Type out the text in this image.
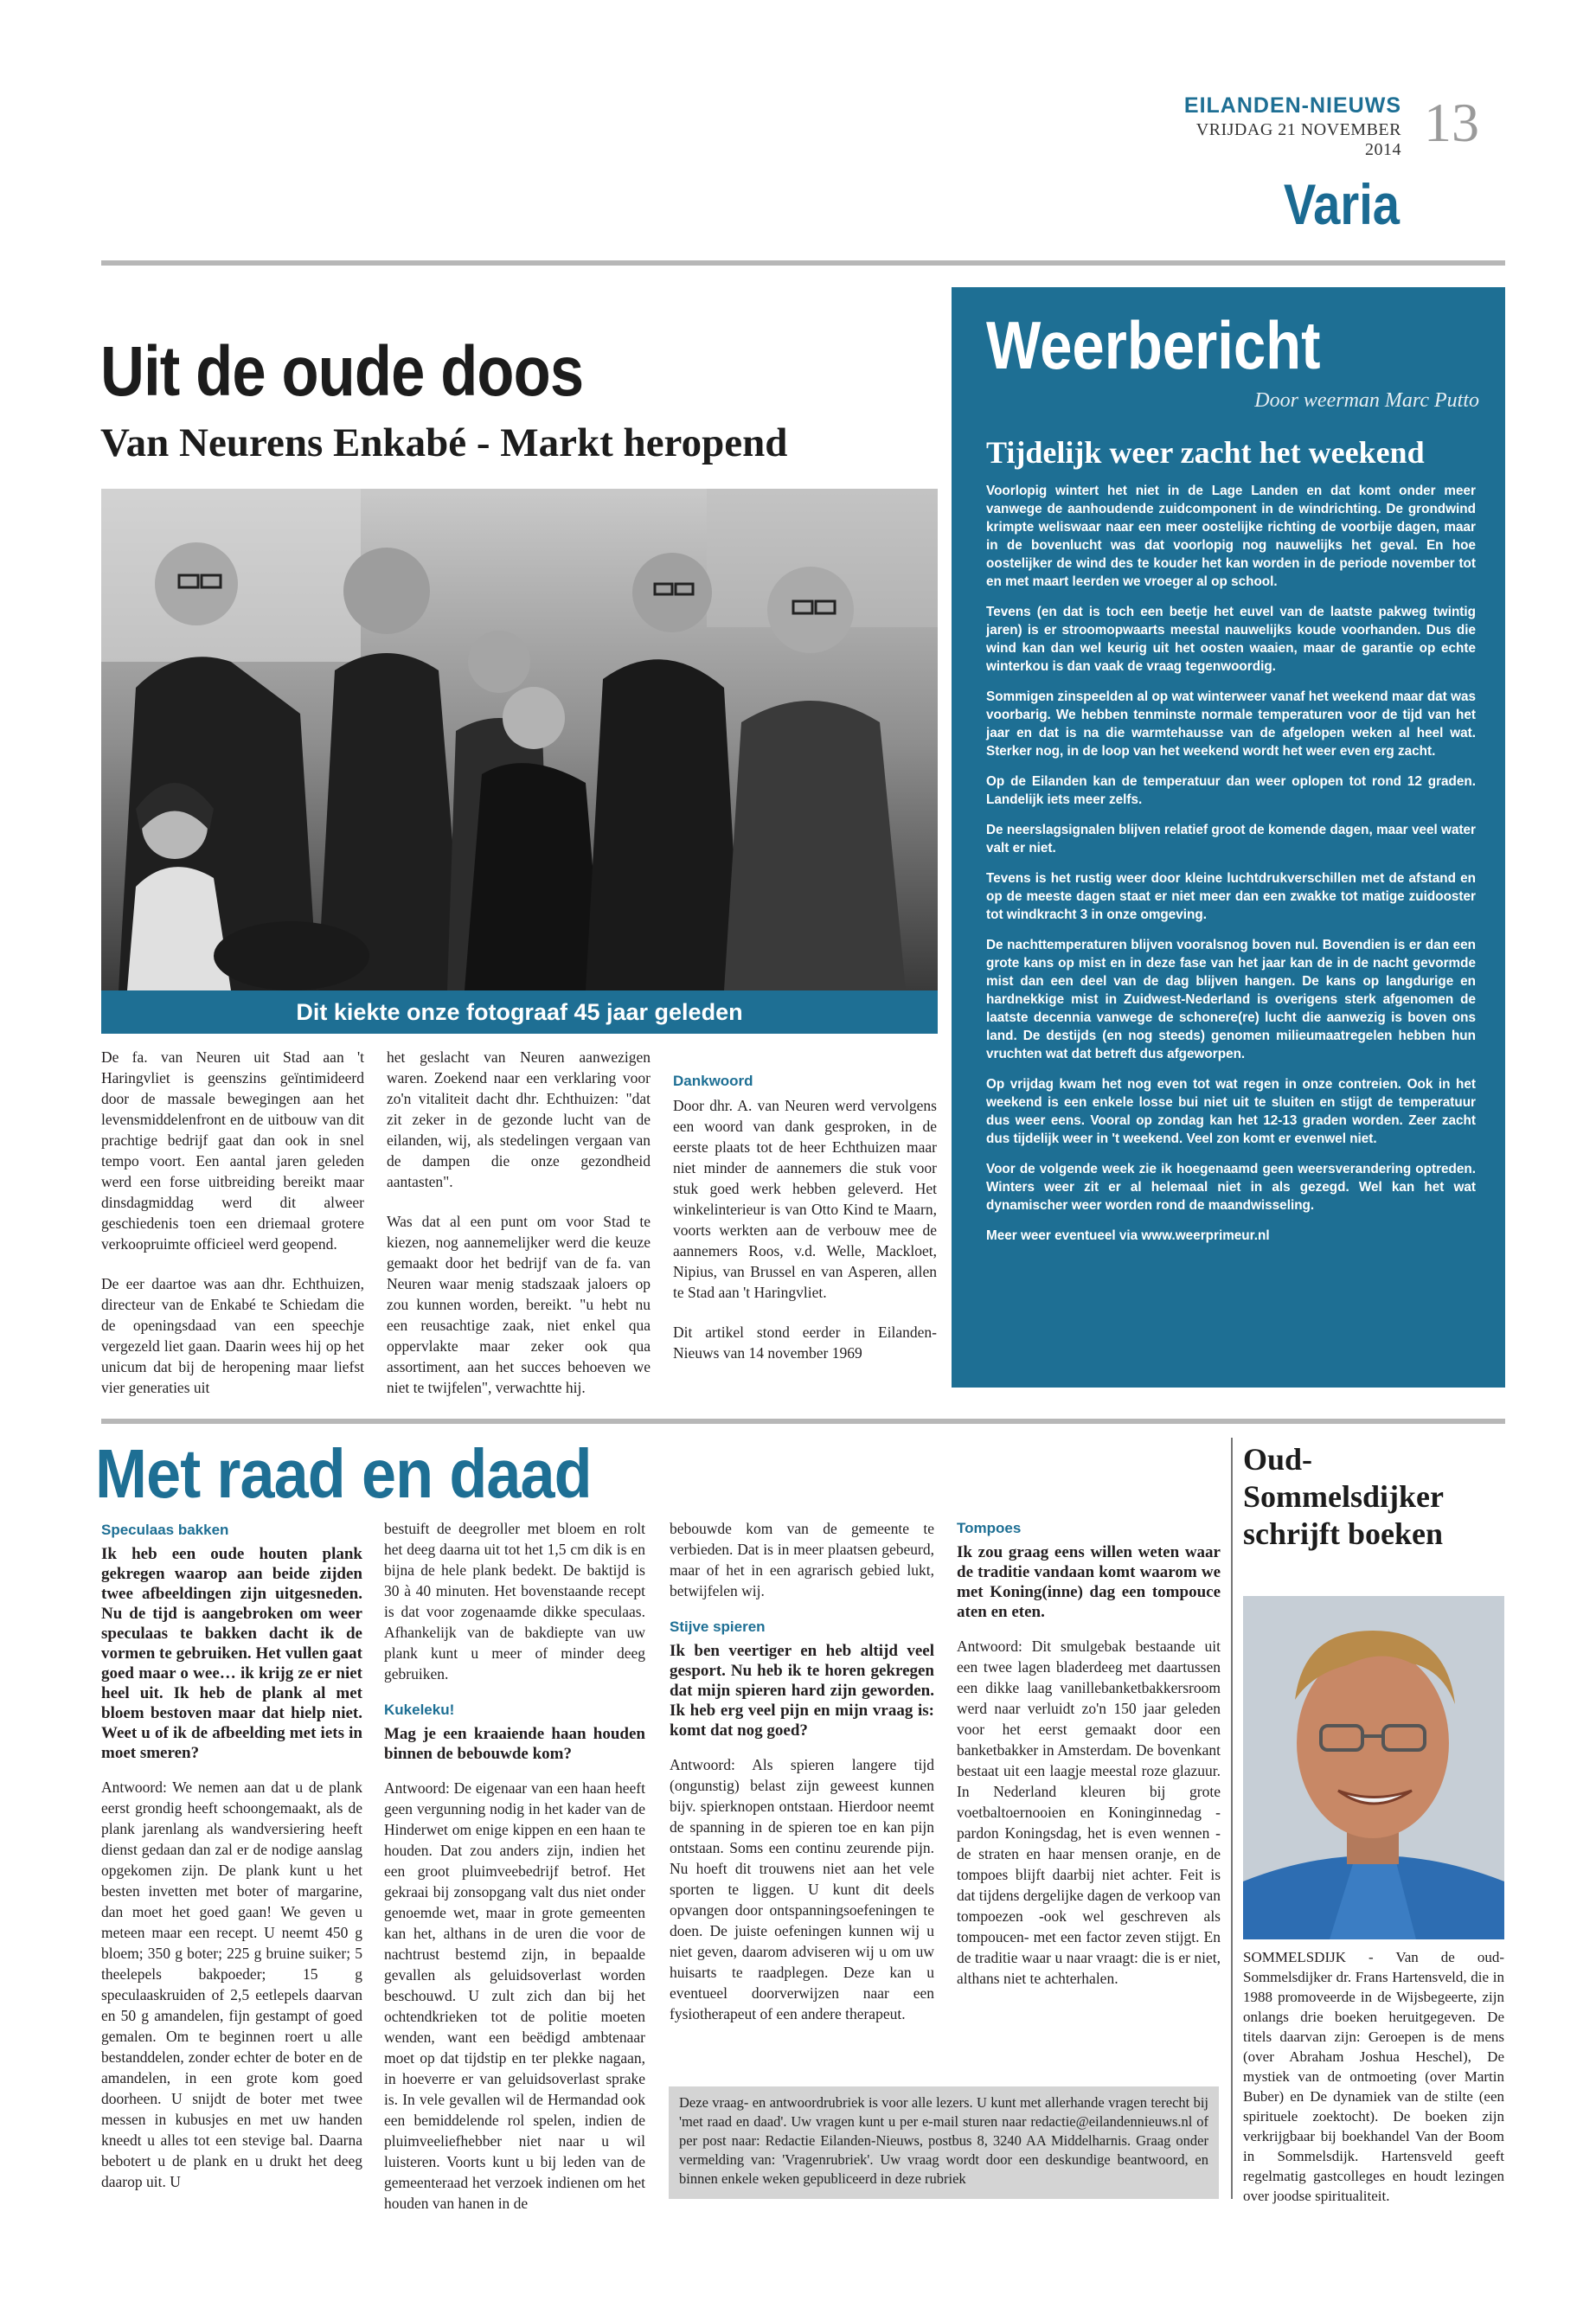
EILANDEN-NIEUWS
VRIJDAG 21 NOVEMBER 2014 13
Varia
Uit de oude doos
Van Neurens Enkabé - Markt heropend
Dit kiekte onze fotograaf 45 jaar geleden

De fa. van Neuren uit Stad aan 't Haringvliet is geenszins geïntimideerd door de massale bewegingen aan het levensmiddelenfront en de uitbouw van dit prachtige bedrijf gaat dan ook in snel tempo voort. Een aantal jaren geleden werd een forse uitbreiding bereikt maar dinsdagmiddag werd dit alweer geschiedenis toen een driemaal grotere verkoopruimte officieel werd geopend.

De eer daartoe was aan dhr. Echthuizen, directeur van de Enkabé te Schiedam die de openingsdaad van een speechje vergezeld liet gaan. Daarin wees hij op het unicum dat bij de heropening maar liefst vier generaties uit

het geslacht van Neuren aanwezigen waren. Zoekend naar een verklaring voor zo'n vitaliteit dacht dhr. Echthuizen: "dat zit zeker in de gezonde lucht van de eilanden, wij, als stedelingen vergaan van de dampen die onze gezondheid aantasten".

Was dat al een punt om voor Stad te kiezen, nog aannemelijker werd die keuze gemaakt door het bedrijf van de fa. van Neuren waar menig stadszaak jaloers op zou kunnen worden, bereikt. "u hebt nu een reusachtige zaak, niet enkel qua oppervlakte maar zeker ook qua assortiment, aan het succes behoeven we niet te twijfelen", verwachtte hij.

Dankwoord

Door dhr. A. van Neuren werd vervolgens een woord van dank gesproken, in de eerste plaats tot de heer Echthuizen maar niet minder de aannemers die stuk voor stuk goed werk hebben geleverd. Het winkelinterieur is van Otto Kind te Maarn, voorts werkten aan de verbouw mee de aannemers Roos, v.d. Welle, Mackloet, Nipius, van Brussel en van Asperen, allen te Stad aan 't Haringvliet.

Dit artikel stond eerder in Eilanden-Nieuws van 14 november 1969

Weerbericht
Door weerman Marc Putto
Tijdelijk weer zacht het weekend

Voorlopig wintert het niet in de Lage Landen en dat komt onder meer vanwege de aanhoudende zuidcomponent in de windrichting. De grondwind krimpte weliswaar naar een meer oostelijke richting de voorbije dagen, maar in de bovenlucht was dat voorlopig nog nauwelijks het geval. En hoe oostelijker de wind des te kouder het kan worden in de periode november tot en met maart leerden we vroeger al op school.

Tevens (en dat is toch een beetje het euvel van de laatste pakweg twintig jaren) is er stroomopwaarts meestal nauwelijks koude voorhanden. Dus die wind kan dan wel keurig uit het oosten waaien, maar de garantie op echte winterkou is dan vaak de vraag tegenwoordig.

Sommigen zinspeelden al op wat winterweer vanaf het weekend maar dat was voorbarig. We hebben tenminste normale temperaturen voor de tijd van het jaar en dat is na die warmtehausse van de afgelopen weken al heel wat. Sterker nog, in de loop van het weekend wordt het weer even erg zacht.

Op de Eilanden kan de temperatuur dan weer oplopen tot rond 12 graden. Landelijk iets meer zelfs.

De neerslagsignalen blijven relatief groot de komende dagen, maar veel water valt er niet.

Tevens is het rustig weer door kleine luchtdrukverschillen met de afstand en op de meeste dagen staat er niet meer dan een zwakke tot matige zuidooster tot windkracht 3 in onze omgeving.

De nachttemperaturen blijven vooralsnog boven nul. Bovendien is er dan een grote kans op mist en in deze fase van het jaar kan de in de nacht gevormde mist dan een deel van de dag blijven hangen. De kans op langdurige en hardnekkige mist in Zuidwest-Nederland is overigens sterk afgenomen de laatste decennia vanwege de schonere(re) lucht die aanwezig is boven ons land. De destijds (en nog steeds) genomen milieumaatregelen hebben hun vruchten wat dat betreft dus afgeworpen.

Op vrijdag kwam het nog even tot wat regen in onze contreien. Ook in het weekend is een enkele losse bui niet uit te sluiten en stijgt de temperatuur dus weer eens. Vooral op zondag kan het 12-13 graden worden. Zeer zacht dus tijdelijk weer in 't weekend. Veel zon komt er evenwel niet.

Voor de volgende week zie ik hoegenaamd geen weersverandering optreden. Winters weer zit er al helemaal niet in als gezegd. Wel kan het wat dynamischer weer worden rond de maandwisseling.

Meer weer eventueel via www.weerprimeur.nl

Met raad en daad
Speculaas bakken
Ik heb een oude houten plank gekregen waarop aan beide zijden twee afbeeldingen zijn uitgesneden. Nu de tijd is aangebroken om weer speculaas te bakken dacht ik de vormen te gebruiken. Het vullen gaat goed maar o wee… ik krijg ze er niet heel uit. Ik heb de plank al met bloem bestoven maar dat hielp niet. Weet u of ik de afbeelding met iets in moet smeren?

Antwoord: We nemen aan dat u de plank eerst grondig heeft schoongemaakt, als de plank jarenlang als wandversiering heeft dienst gedaan dan zal er de nodige aanslag opgekomen zijn. De plank kunt u het besten invetten met boter of margarine, dan moet het goed gaan! We geven u meteen maar een recept. U neemt 450 g bloem; 350 g boter; 225 g bruine suiker; 5 theelepels bakpoeder; 15 g speculaaskruiden of 2,5 eetlepels daarvan en 50 g amandelen, fijn gestampt of goed gemalen. Om te beginnen roert u alle bestanddelen, zonder echter de boter en de amandelen, in een grote kom goed doorheen. U snijdt de boter met twee messen in kubusjes en met uw handen kneedt u alles tot een stevige bal. Daarna bebotert u de plank en u drukt het deeg daarop uit. U

bestuift de deegroller met bloem en rolt het deeg daarna uit tot het 1,5 cm dik is en bijna de hele plank bedekt. De baktijd is 30 à 40 minuten. Het bovenstaande recept is dat voor zogenaamde dikke speculaas. Afhankelijk van de bakdiepte van uw plank kunt u meer of minder deeg gebruiken.

Kukeleku!
Mag je een kraaiende haan houden binnen de bebouwde kom?

Antwoord: De eigenaar van een haan heeft geen vergunning nodig in het kader van de Hinderwet om enige kippen en een haan te houden. Dat zou anders zijn, indien het een groot pluimveebedrijf betrof. Het gekraai bij zonsopgang valt dus niet onder genoemde wet, maar in grote gemeenten kan het, althans in de uren die voor de nachtrust bestemd zijn, in bepaalde gevallen als geluidsoverlast worden beschouwd. U zult zich dan bij het ochtendkrieken tot de politie moeten wenden, want een beëdigd ambtenaar moet op dat tijdstip en ter plekke nagaan, in hoeverre er van geluidsoverlast sprake is. In vele gevallen wil de Hermandad ook een bemiddelende rol spelen, indien de pluimveeliefhebber niet naar u wil luisteren. Voorts kunt u bij leden van de gemeenteraad het verzoek indienen om het houden van hanen in de

bebouwde kom van de gemeente te verbieden. Dat is in meer plaatsen gebeurd, maar of het in een agrarisch gebied lukt, betwijfelen wij.

Stijve spieren
Ik ben veertiger en heb altijd veel gesport. Nu heb ik te horen gekregen dat mijn spieren hard zijn geworden. Ik heb erg veel pijn en mijn vraag is: komt dat nog goed?

Antwoord: Als spieren langere tijd (ongunstig) belast zijn geweest kunnen bijv. spierknopen ontstaan. Hierdoor neemt de spanning in de spieren toe en kan pijn ontstaan. Soms een continu zeurende pijn. Nu hoeft dit trouwens niet aan het vele sporten te liggen. U kunt dit deels opvangen door ontspanningsoefeningen te doen. De juiste oefeningen kunnen wij u niet geven, daarom adviseren wij u om uw huisarts te raadplegen. Deze kan u eventueel doorverwijzen naar een fysiotherapeut of een andere therapeut.

Tompoes
Ik zou graag eens willen weten waar de traditie vandaan komt waarom we met Koning(inne) dag een tompouce aten en eten.

Antwoord: Dit smulgebak bestaande uit een twee lagen bladerdeeg met daartussen een dikke laag vanillebanketbakkersroom werd naar verluidt zo'n 150 jaar geleden voor het eerst gemaakt door een banketbakker in Amsterdam. De bovenkant bestaat uit een laagje meestal roze glazuur. In Nederland kleuren bij grote voetbaltoernooien en Koninginnedag - pardon Koningsdag, het is even wennen - de straten en haar mensen oranje, en de tompoes blijft daarbij niet achter. Feit is dat tijdens dergelijke dagen de verkoop van tompoezen -ook wel geschreven als tompoucen- met een factor zeven stijgt. En de traditie waar u naar vraagt: die is er niet, althans niet te achterhalen.

Deze vraag- en antwoordrubriek is voor alle lezers. U kunt met allerhande vragen terecht bij 'met raad en daad'. Uw vragen kunt u per e-mail sturen naar redactie@eilandennieuws.nl of per post naar: Redactie Eilanden-Nieuws, postbus 8, 3240 AA Middelharnis. Graag onder vermelding van: 'Vragenrubriek'. Uw vraag wordt door een deskundige beantwoord, en binnen enkele weken gepubliceerd in deze rubriek
Oud-Sommelsdijker schrijft boeken
SOMMELSDIJK - Van de oud-Sommelsdijker dr. Frans Hartensveld, die in 1988 promoveerde in de Wijsbegeerte, zijn onlangs drie boeken heruitgegeven. De titels daarvan zijn: Geroepen is de mens (over Abraham Joshua Heschel), De mystiek van de ontmoeting (over Martin Buber) en De dynamiek van de stilte (een spirituele zoektocht). De boeken zijn verkrijgbaar bij boekhandel Van der Boom in Sommelsdijk. Hartensveld geeft regelmatig gastcolleges en houdt lezingen over joodse spiritualiteit.
